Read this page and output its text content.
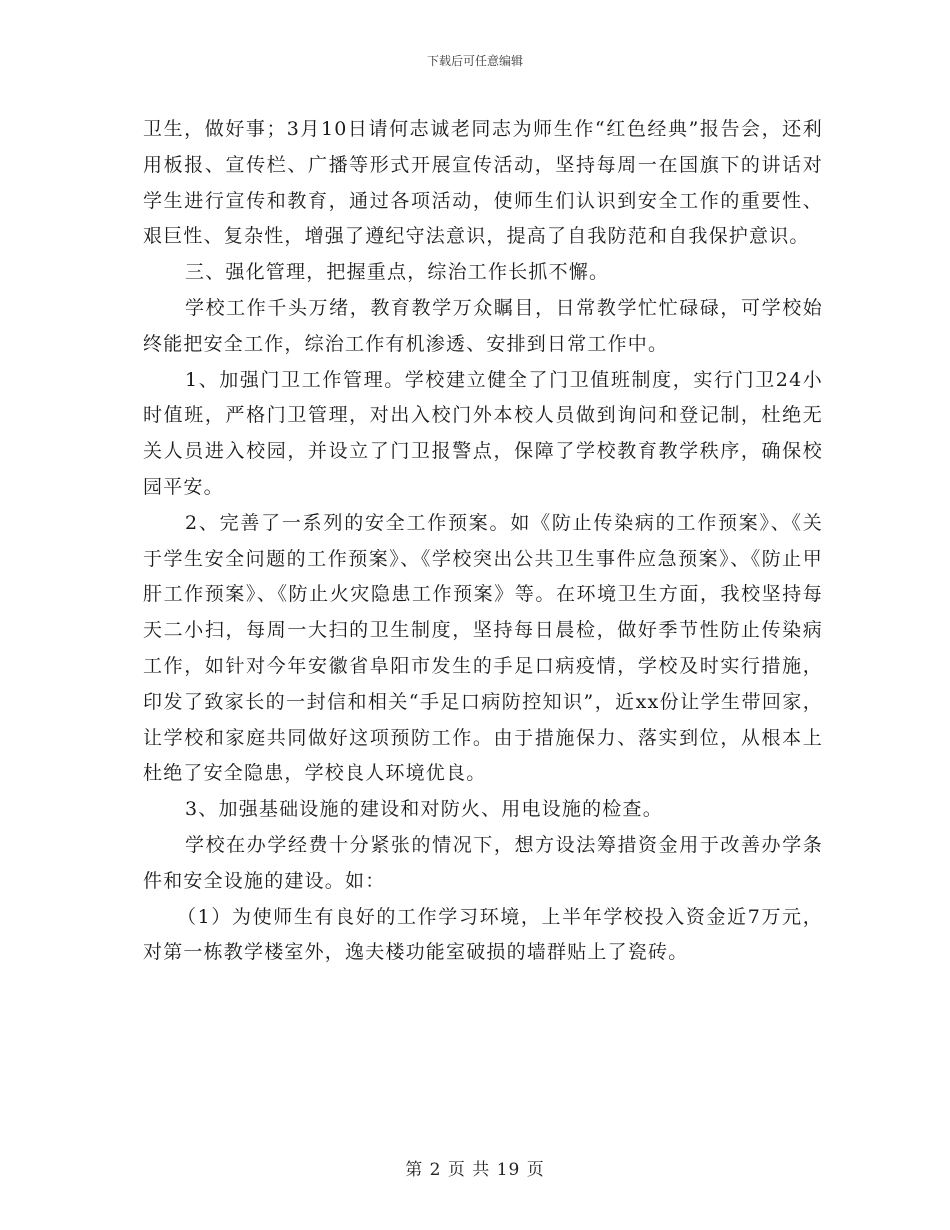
下载后可任意编辑

卫生，做好事；3月10日请何志诚老同志为师生作“红色经典”报告会，还利用板报、宣传栏、广播等形式开展宣传活动，坚持每周一在国旗下的讲话对学生进行宣传和教育，通过各项活动，使师生们认识到安全工作的重要性、艰巨性、复杂性，增强了遵纪守法意识，提高了自我防范和自我保护意识。

三、强化管理，把握重点，综治工作长抓不懈。

学校工作千头万绪，教育教学万众瞩目，日常教学忙忙碌碌，可学校始终能把安全工作，综治工作有机渗透、安排到日常工作中。

1、加强门卫工作管理。学校建立健全了门卫值班制度，实行门卫24小时值班，严格门卫管理，对出入校门外本校人员做到询问和登记制，杜绝无关人员进入校园，并设立了门卫报警点，保障了学校教育教学秩序，确保校园平安。

2、完善了一系列的安全工作预案。如《防止传染病的工作预案》、《关于学生安全问题的工作预案》、《学校突出公共卫生事件应急预案》、《防止甲肝工作预案》、《防止火灾隐患工作预案》等。在环境卫生方面，我校坚持每天二小扫，每周一大扫的卫生制度，坚持每日晨检，做好季节性防止传染病工作，如针对今年安徽省阜阳市发生的手足口病疫情，学校及时实行措施，印发了致家长的一封信和相关“手足口病防控知识”，近xx份让学生带回家，让学校和家庭共同做好这项预防工作。由于措施保力、落实到位，从根本上杜绝了安全隐患，学校良人环境优良。

3、加强基础设施的建设和对防火、用电设施的检查。

学校在办学经费十分紧张的情况下，想方设法筹措资金用于改善办学条件和安全设施的建设。如：

（1）为使师生有良好的工作学习环境，上半年学校投入资金近7万元，对第一栋教学楼室外，逸夫楼功能室破损的墙群贴上了瓷砖。

第 2 页 共 19 页
